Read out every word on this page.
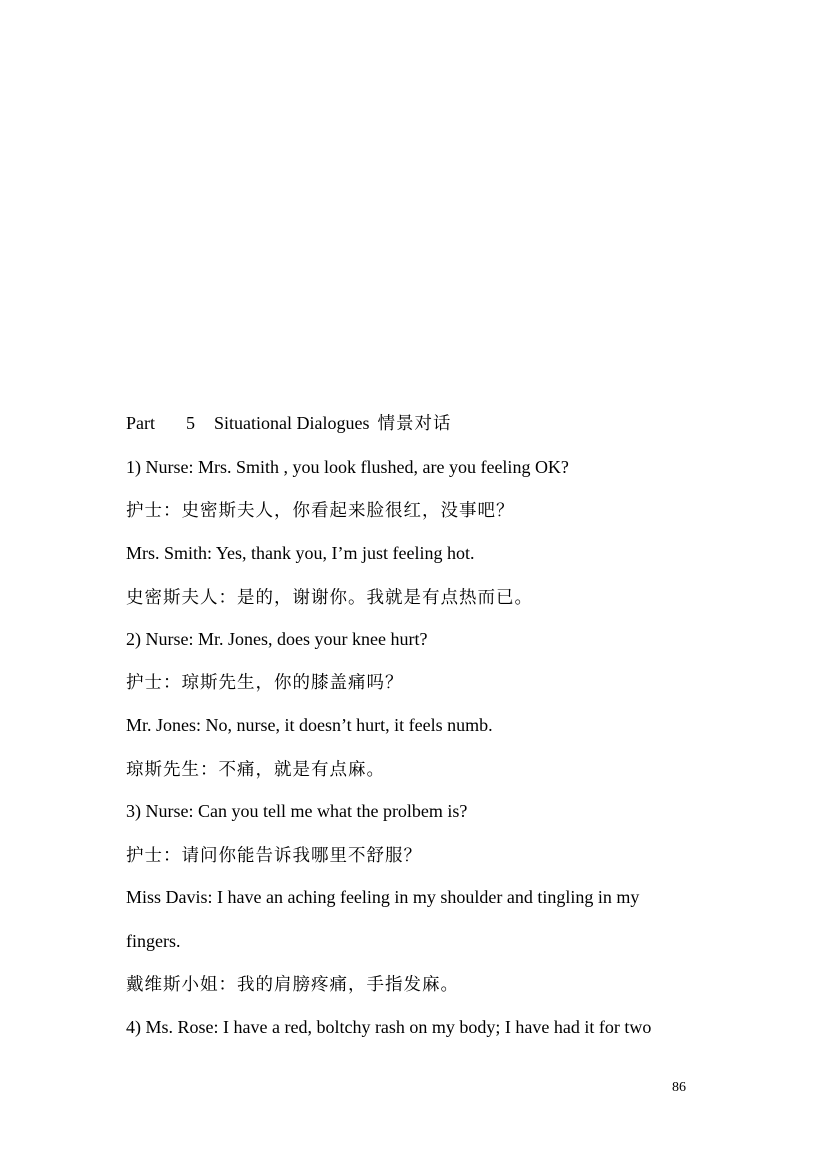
Part 5 Situational Dialogues 情景对话
1) Nurse: Mrs. Smith , you look flushed, are you feeling OK?
护士：史密斯夫人，你看起来脸很红，没事吧？
Mrs. Smith: Yes, thank you, I’m just feeling hot.
史密斯夫人：是的，谢谢你。我就是有点热而已。
2) Nurse: Mr. Jones, does your knee hurt?
护士：琼斯先生，你的膝盖痛吗？
Mr. Jones: No, nurse, it doesn’t hurt, it feels numb.
琼斯先生：不痛，就是有点麻。
3) Nurse: Can you tell me what the prolbem is?
护士：请问你能告诉我哪里不舒服？
Miss Davis: I have an aching feeling in my shoulder and tingling in my
fingers.
戴维斯小姐：我的肩膀疼痛，手指发麻。
4) Ms. Rose: I have a red, boltchy rash on my body; I have had it for two
86
